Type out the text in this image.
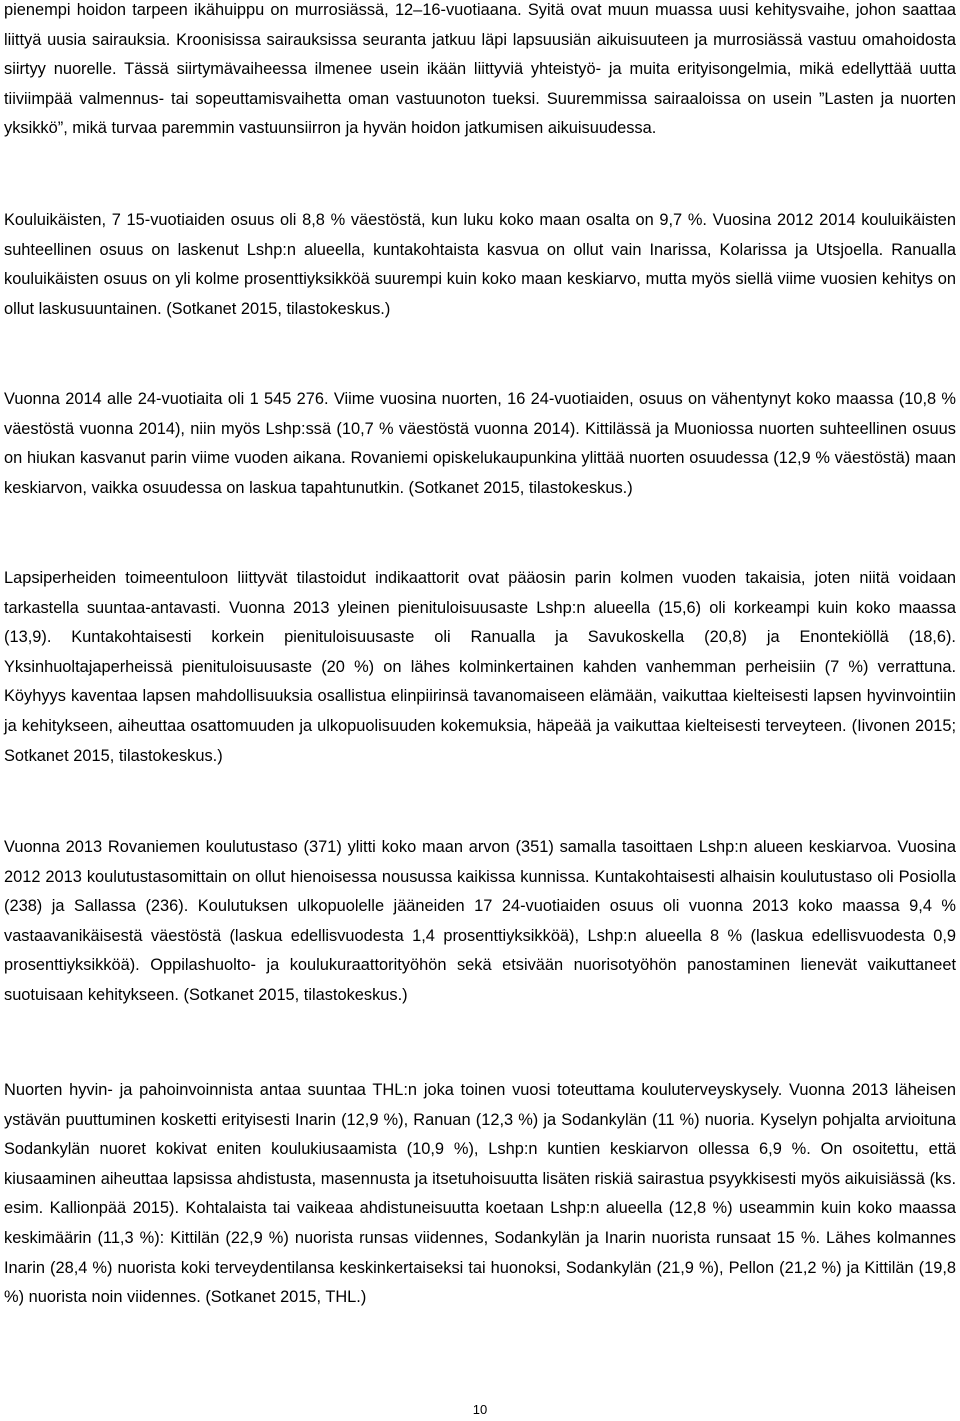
pienempi hoidon tarpeen ikähuippu on murrosiässä, 12–16-vuotiaana. Syitä ovat muun muassa uusi kehitysvaihe, johon saattaa liittyä uusia sairauksia. Kroonisissa sairauksissa seuranta jatkuu läpi lapsuusiän aikuisuuteen ja murrosiässä vastuu omahoidosta siirtyy nuorelle. Tässä siirtymävaiheessa ilmenee usein ikään liittyviä yhteistyö- ja muita erityisongelmia, mikä edellyttää uutta tiiviimpää valmennus- tai sopeuttamisvaihetta oman vastuunoton tueksi. Suuremmissa sairaaloissa on usein ”Lasten ja nuorten yksikkö”, mikä turvaa paremmin vastuunsiirron ja hyvän hoidon jatkumisen aikuisuudessa.

Kouluikäisten, 7 15-vuotiaiden osuus oli 8,8 % väestöstä, kun luku koko maan osalta on 9,7 %. Vuosina 2012 2014 kouluikäisten suhteellinen osuus on laskenut Lshp:n alueella, kuntakohtaista kasvua on ollut vain Inarissa, Kolarissa ja Utsjoella. Ranualla kouluikäisten osuus on yli kolme prosenttiyksikköä suurempi kuin koko maan keskiarvo, mutta myös siellä viime vuosien kehitys on ollut laskusuuntainen. (Sotkanet 2015, tilastokeskus.)

Vuonna 2014 alle 24-vuotiaita oli 1 545 276. Viime vuosina nuorten, 16 24-vuotiaiden, osuus on vähentynyt koko maassa (10,8 % väestöstä vuonna 2014), niin myös Lshp:ssä (10,7 % väestöstä vuonna 2014). Kittilässä ja Muoniossa nuorten suhteellinen osuus on hiukan kasvanut parin viime vuoden aikana. Rovaniemi opiskelukaupunkina ylittää nuorten osuudessa (12,9 % väestöstä) maan keskiarvon, vaikka osuudessa on laskua tapahtunutkin. (Sotkanet 2015, tilastokeskus.)

Lapsiperheiden toimeentuloon liittyvät tilastoidut indikaattorit ovat pääosin parin kolmen vuoden takaisia, joten niitä voidaan tarkastella suuntaa-antavasti. Vuonna 2013 yleinen pienituloisuusaste Lshp:n alueella (15,6) oli korkeampi kuin koko maassa (13,9). Kuntakohtaisesti korkein pienituloisuusaste oli Ranualla ja Savukoskella (20,8) ja Enontekiöllä (18,6). Yksinhuoltajaperheissä pienituloisuusaste (20 %) on lähes kolminkertainen kahden vanhemman perheisiin (7 %) verrattuna. Köyhyys kaventaa lapsen mahdollisuuksia osallistua elinpiirinsä tavanomaiseen elämään, vaikuttaa kielteisesti lapsen hyvinvointiin ja kehitykseen, aiheuttaa osattomuuden ja ulkopuolisuuden kokemuksia, häpeää ja vaikuttaa kielteisesti terveyteen. (Iivonen 2015; Sotkanet 2015, tilastokeskus.)

Vuonna 2013 Rovaniemen koulutustaso (371) ylitti koko maan arvon (351) samalla tasoittaen Lshp:n alueen keskiarvoa. Vuosina 2012 2013 koulutustasomittain on ollut hienoisessa nousussa kaikissa kunnissa. Kuntakohtaisesti alhaisin koulutustaso oli Posiolla (238) ja Sallassa (236). Koulutuksen ulkopuolelle jääneiden 17 24-vuotiaiden osuus oli vuonna 2013 koko maassa 9,4 % vastaavanikäisestä väestöstä (laskua edellisvuodesta 1,4 prosenttiyksikköä), Lshp:n alueella 8 % (laskua edellisvuodesta 0,9 prosenttiyksikköä). Oppilashuolto- ja koulukuraattorityöhön sekä etsivään nuorisotyöhön panostaminen lienevät vaikuttaneet suotuisaan kehitykseen. (Sotkanet 2015, tilastokeskus.)

Nuorten hyvin- ja pahoinvoinnista antaa suuntaa THL:n joka toinen vuosi toteuttama kouluterveyskysely. Vuonna 2013 läheisen ystävän puuttuminen kosketti erityisesti Inarin (12,9 %), Ranuan (12,3 %) ja Sodankylän (11 %) nuoria. Kyselyn pohjalta arvioituna Sodankylän nuoret kokivat eniten koulukiusaamista (10,9 %), Lshp:n kuntien keskiarvon ollessa 6,9 %. On osoitettu, että kiusaaminen aiheuttaa lapsissa ahdistusta, masennusta ja itsetuhoisuutta lisäten riskiä sairastua psyykkisesti myös aikuisiässä (ks. esim. Kallionpää 2015). Kohtalaista tai vaikeaa ahdistuneisuutta koetaan Lshp:n alueella (12,8 %) useammin kuin koko maassa keskimäärin (11,3 %): Kittilän (22,9 %) nuorista runsas viidennes, Sodankylän ja Inarin nuorista runsaat 15 %. Lähes kolmannes Inarin (28,4 %) nuorista koki terveydentilansa keskinkertaiseksi tai huonoksi, Sodankylän (21,9 %), Pellon (21,2 %) ja Kittilän (19,8 %) nuorista noin viidennes. (Sotkanet 2015, THL.)

10
